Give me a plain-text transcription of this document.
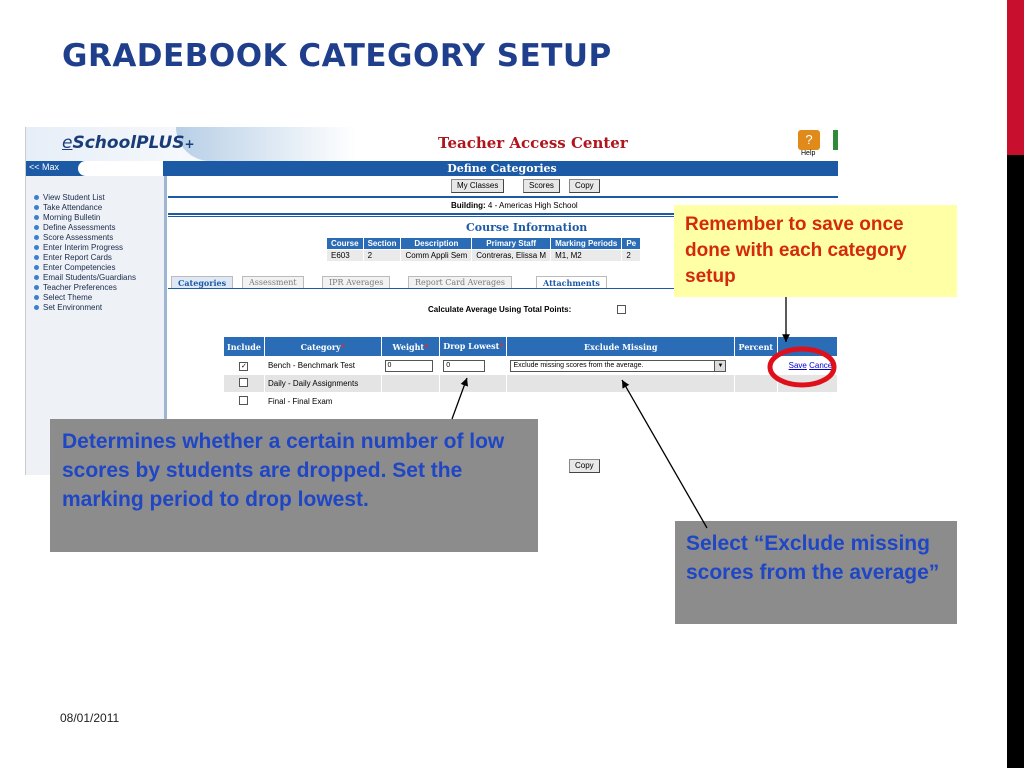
GRADEBOOK CATEGORY SETUP
eSchoolPLUS+	Teacher Access Center	?
Help
<< Max	Define Categories
View Student List
Take Attendance
Morning Bulletin
Define Assessments
Score Assessments
Enter Interim Progress
Enter Report Cards
Enter Competencies
Email Students/Guardians
Teacher Preferences
Select Theme
Set Environment
My Classes	Scores	Copy
Building: 4 - Americas High School
Course Information
Course	Section	Description	Primary Staff	Marking Periods	Pe
E603	2	Comm Appli Sem	Contreras, Elissa M	M1, M2	2
Categories	Assessment	IPR Averages	Report Card Averages	Attachments
Calculate Average Using Total Points:
Include	Category*	Weight*	Drop Lowest*	Exclude Missing	Percent	
✓	Bench - Benchmark Test	0	0	Exclude missing scores from the average. ▼		Save Cancel
	Daily - Daily Assignments					
	Final - Final Exam					
Copy
Remember to save once done with each category setup
Determines whether a certain number of low scores by students are dropped. Set the marking period to drop lowest.
Select “Exclude missing scores from the average”
08/01/2011
